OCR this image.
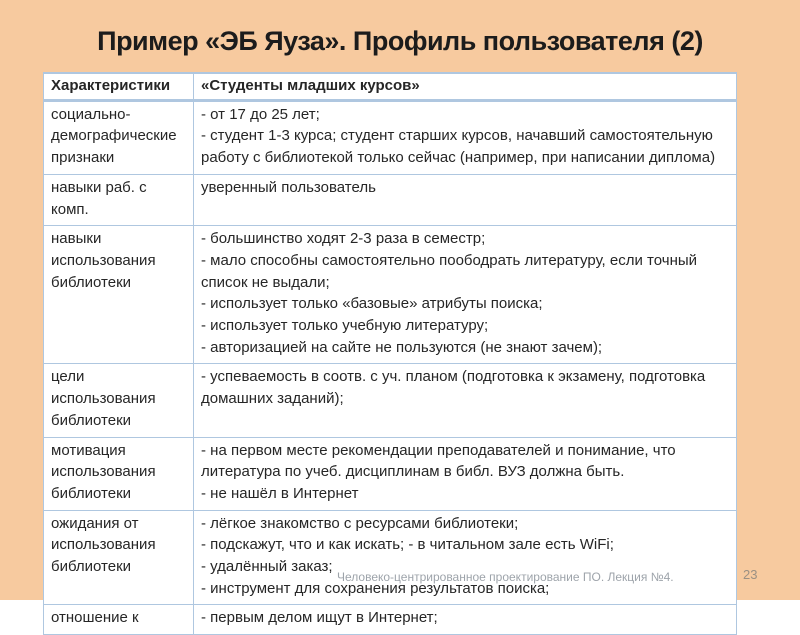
Пример «ЭБ Яуза». Профиль пользователя (2)
Характеристики	«Студенты младших курсов»
социально-демографические признаки	- от 17 до 25 лет;
- студент 1-3 курса; студент старших курсов, начавший самостоятельную работу с библиотекой только сейчас (например, при написании диплома)

навыки раб. с комп.	уверенный пользователь

навыки использования библиотеки	- большинство ходят 2-3 раза в семестр;
- мало способны самостоятельно поободрать литературу, если точный список не выдали;
- использует только «базовые» атрибуты поиска;
- использует только учебную литературу;
- авторизацией на сайте не пользуются (не знают зачем);

цели использования библиотеки	- успеваемость в соотв. с уч. планом (подготовка к экзамену, подготовка домашних заданий);

мотивация использования библиотеки	- на первом месте рекомендации преподавателей и понимание, что литература по учеб. дисциплинам в библ. ВУЗ должна быть.
- не нашёл в Интернет

ожидания от использования библиотеки	- лёгкое знакомство с ресурсами библиотеки;
- подскажут, что и как искать; - в читальном зале есть WiFi;
- удалённый заказ;
- инструмент для сохранения результатов поиска;

отношение к	- первым делом ищут в Интернет;
Человеко-центрированное проектирование ПО. Лекция №4.	23
